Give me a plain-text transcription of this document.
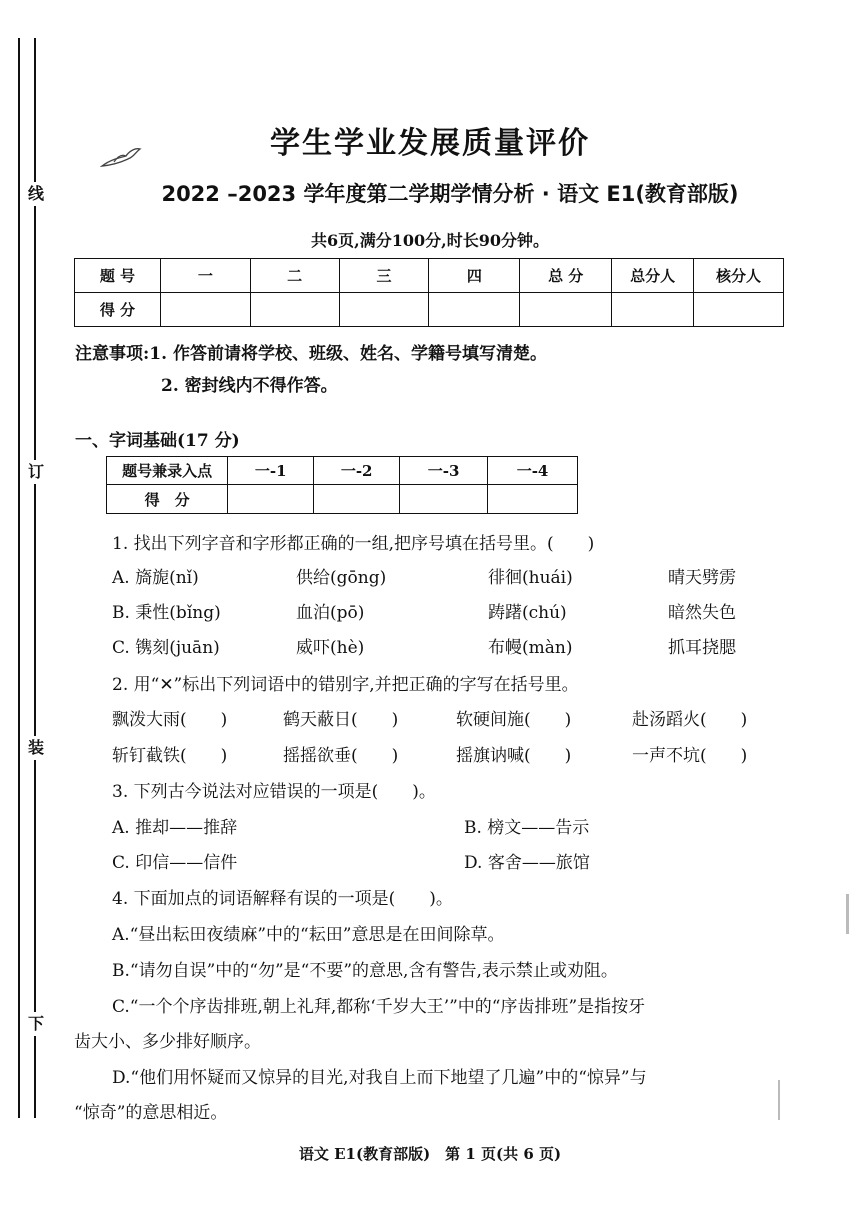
线
订
装
下
学生学业发展质量评价
2022 –2023 学年度第二学期学情分析 · 语文 E1(教育部版)
共6页,满分100分,时长90分钟。
题 号	一	二	三	四	总 分	总分人	核分人
得 分							
注意事项:1. 作答前请将学校、班级、姓名、学籍号填写清楚。
2. 密封线内不得作答。
一、字词基础(17 分)
题号兼录入点	一-1	一-2	一-3	一-4
得　分				
1. 找出下列字音和字形都正确的一组,把序号填在括号里。(　　)
A. 旖旎(nǐ)	供给(gōng)	徘徊(huái)	晴天劈雳
B. 秉性(bǐng)	血泊(pō)	踌躇(chú)	暗然失色
C. 镌刻(juān)	威吓(hè)	布幔(màn)	抓耳挠腮
2. 用“✕”标出下列词语中的错别字,并把正确的字写在括号里。
飘泼大雨(　　)	鹤天蔽日(　　)	软硬间施(　　)	赴汤蹈火(　　)
斩钉截铁(　　)	摇摇欲垂(　　)	摇旗讷喊(　　)	一声不坑(　　)
3. 下列古今说法对应错误的一项是(　　)。
A. 推却——推辞	B. 榜文——告示
C. 印信——信件	D. 客舍——旅馆
4. 下面加点的词语解释有误的一项是(　　)。
A.“昼出耘田夜绩麻”中的“耘田”意思是在田间除草。
B.“请勿自误”中的“勿”是“不要”的意思,含有警告,表示禁止或劝阻。
C.“一个个序齿排班,朝上礼拜,都称‘千岁大王’”中的“序齿排班”是指按牙
齿大小、多少排好顺序。
D.“他们用怀疑而又惊异的目光,对我自上而下地望了几遍”中的“惊异”与
“惊奇”的意思相近。
语文 E1(教育部版)　第 1 页(共 6 页)
